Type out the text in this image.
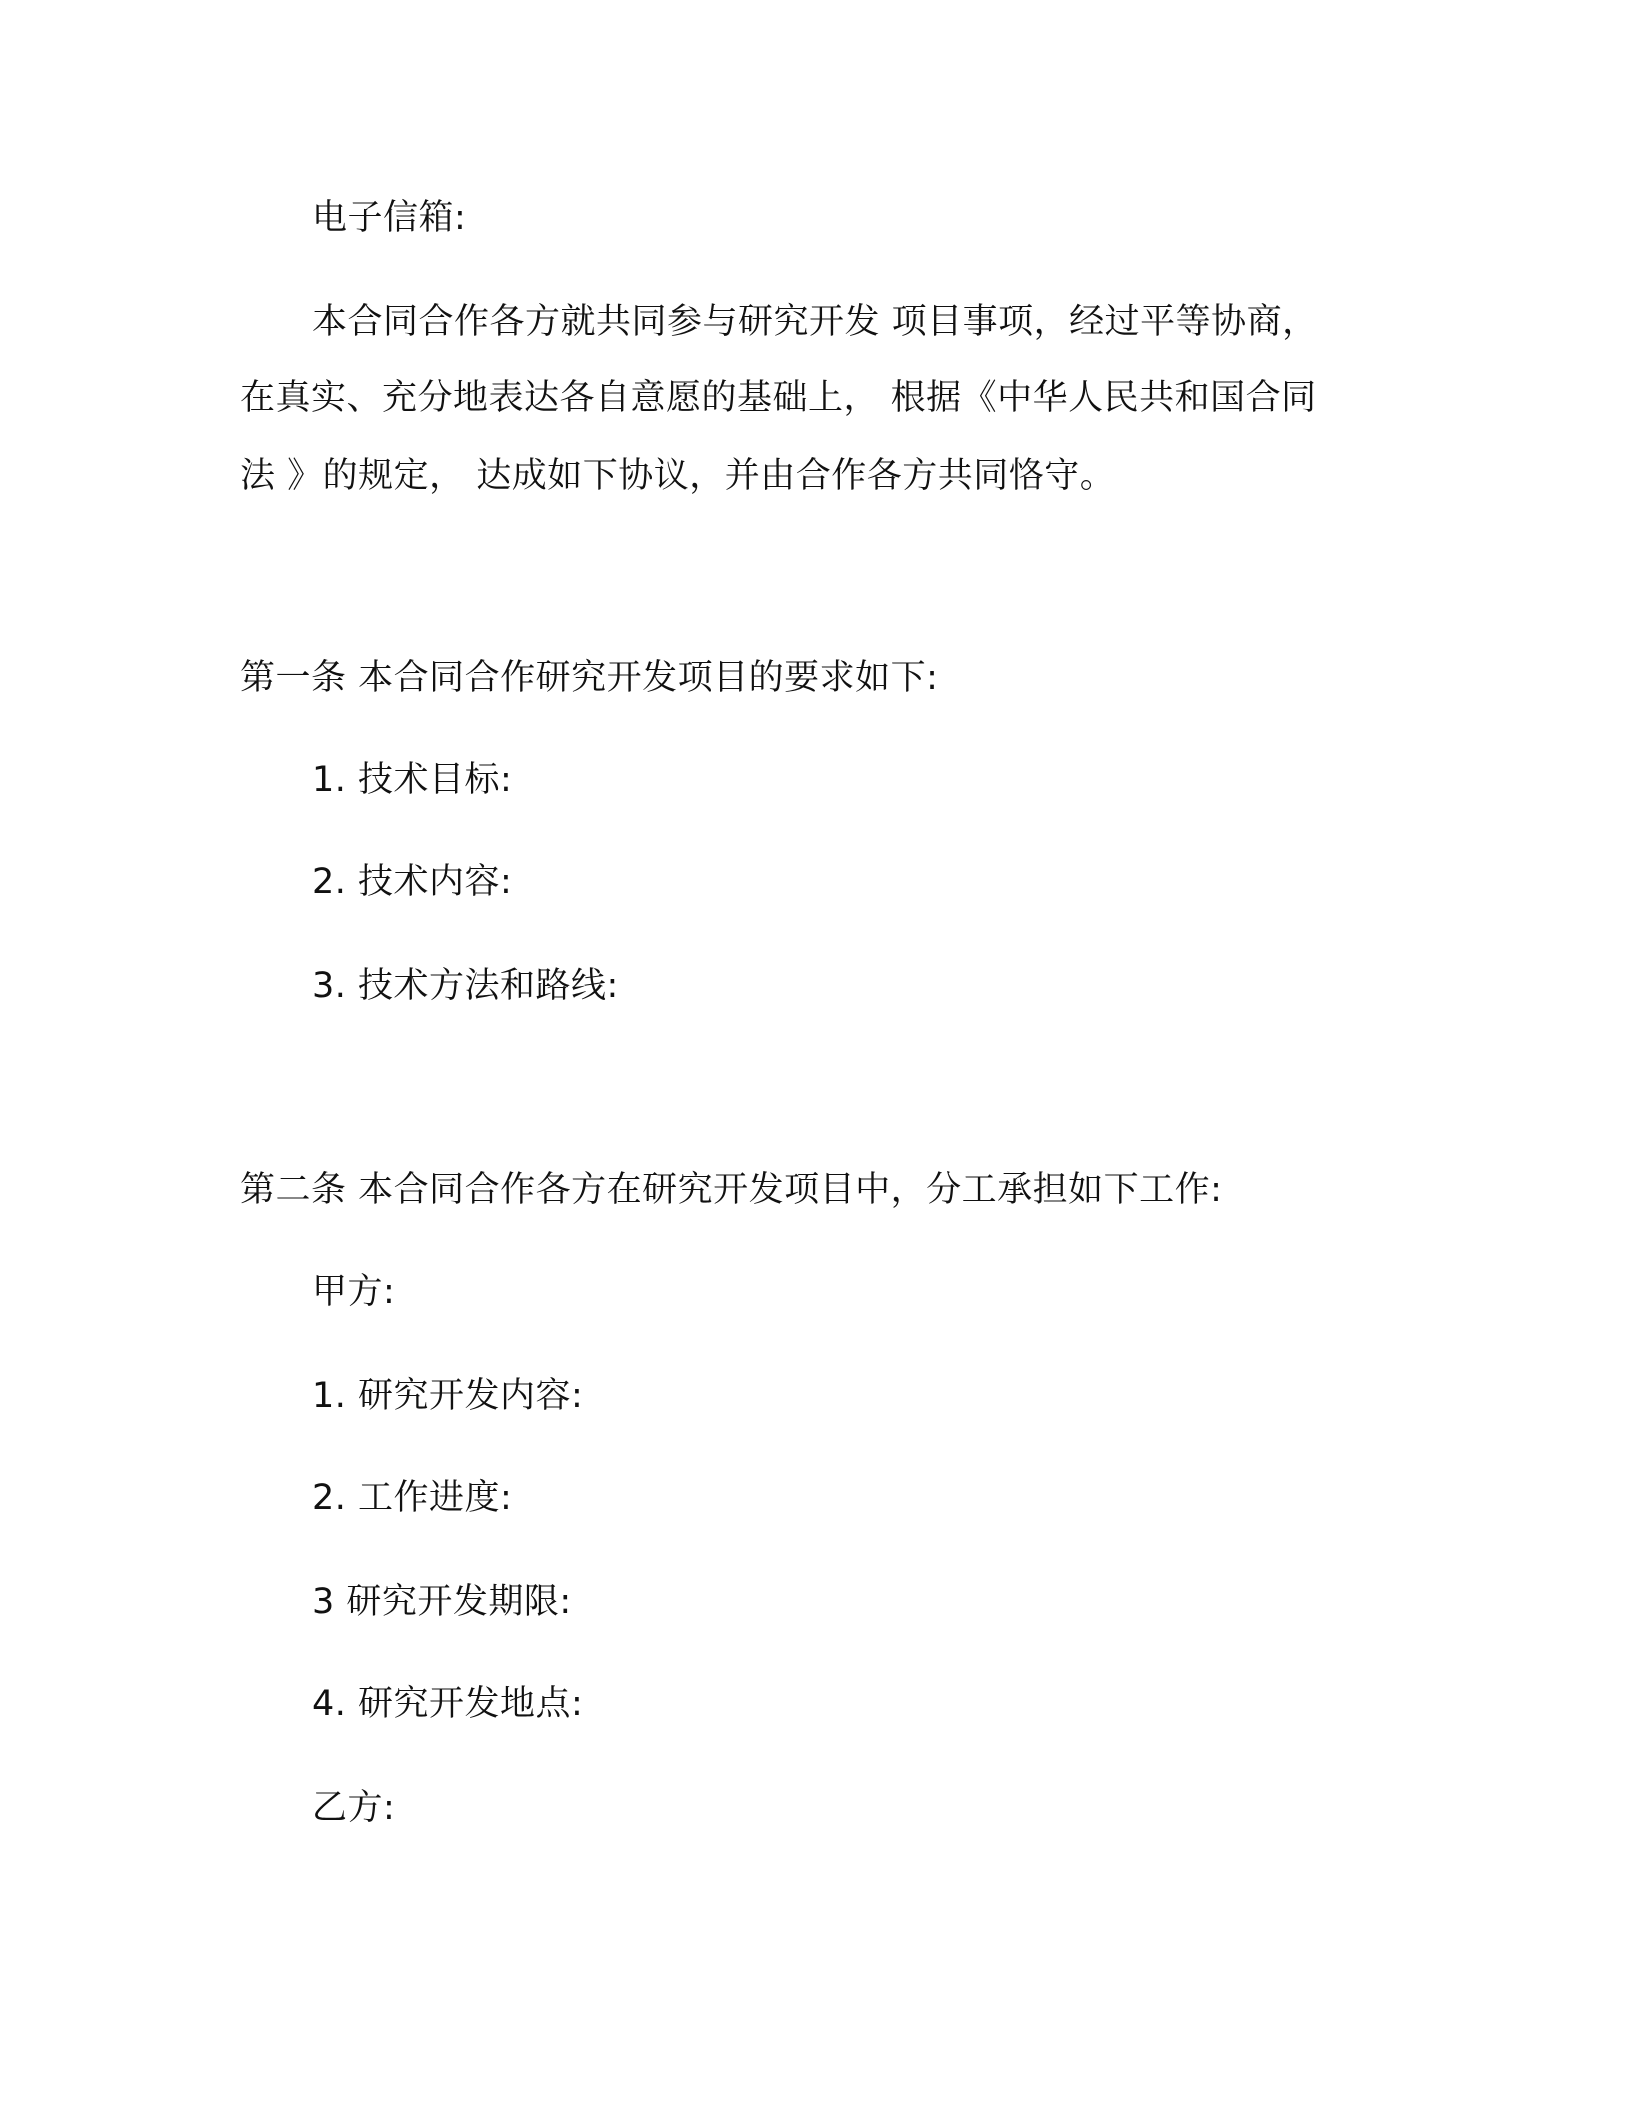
电子信箱:
本合同合作各方就共同参与研究开发 项目事项，经过平等协商，
在真实、充分地表达各自意愿的基础上， 根据《中华人民共和国合同
法 》的规定， 达成如下协议，并由合作各方共同恪守。
第一条 本合同合作研究开发项目的要求如下:
1. 技术目标:
2. 技术内容:
3. 技术方法和路线:
第二条 本合同合作各方在研究开发项目中，分工承担如下工作:
甲方:
1. 研究开发内容:
2. 工作进度:
3 研究开发期限:
4. 研究开发地点:
乙方:
